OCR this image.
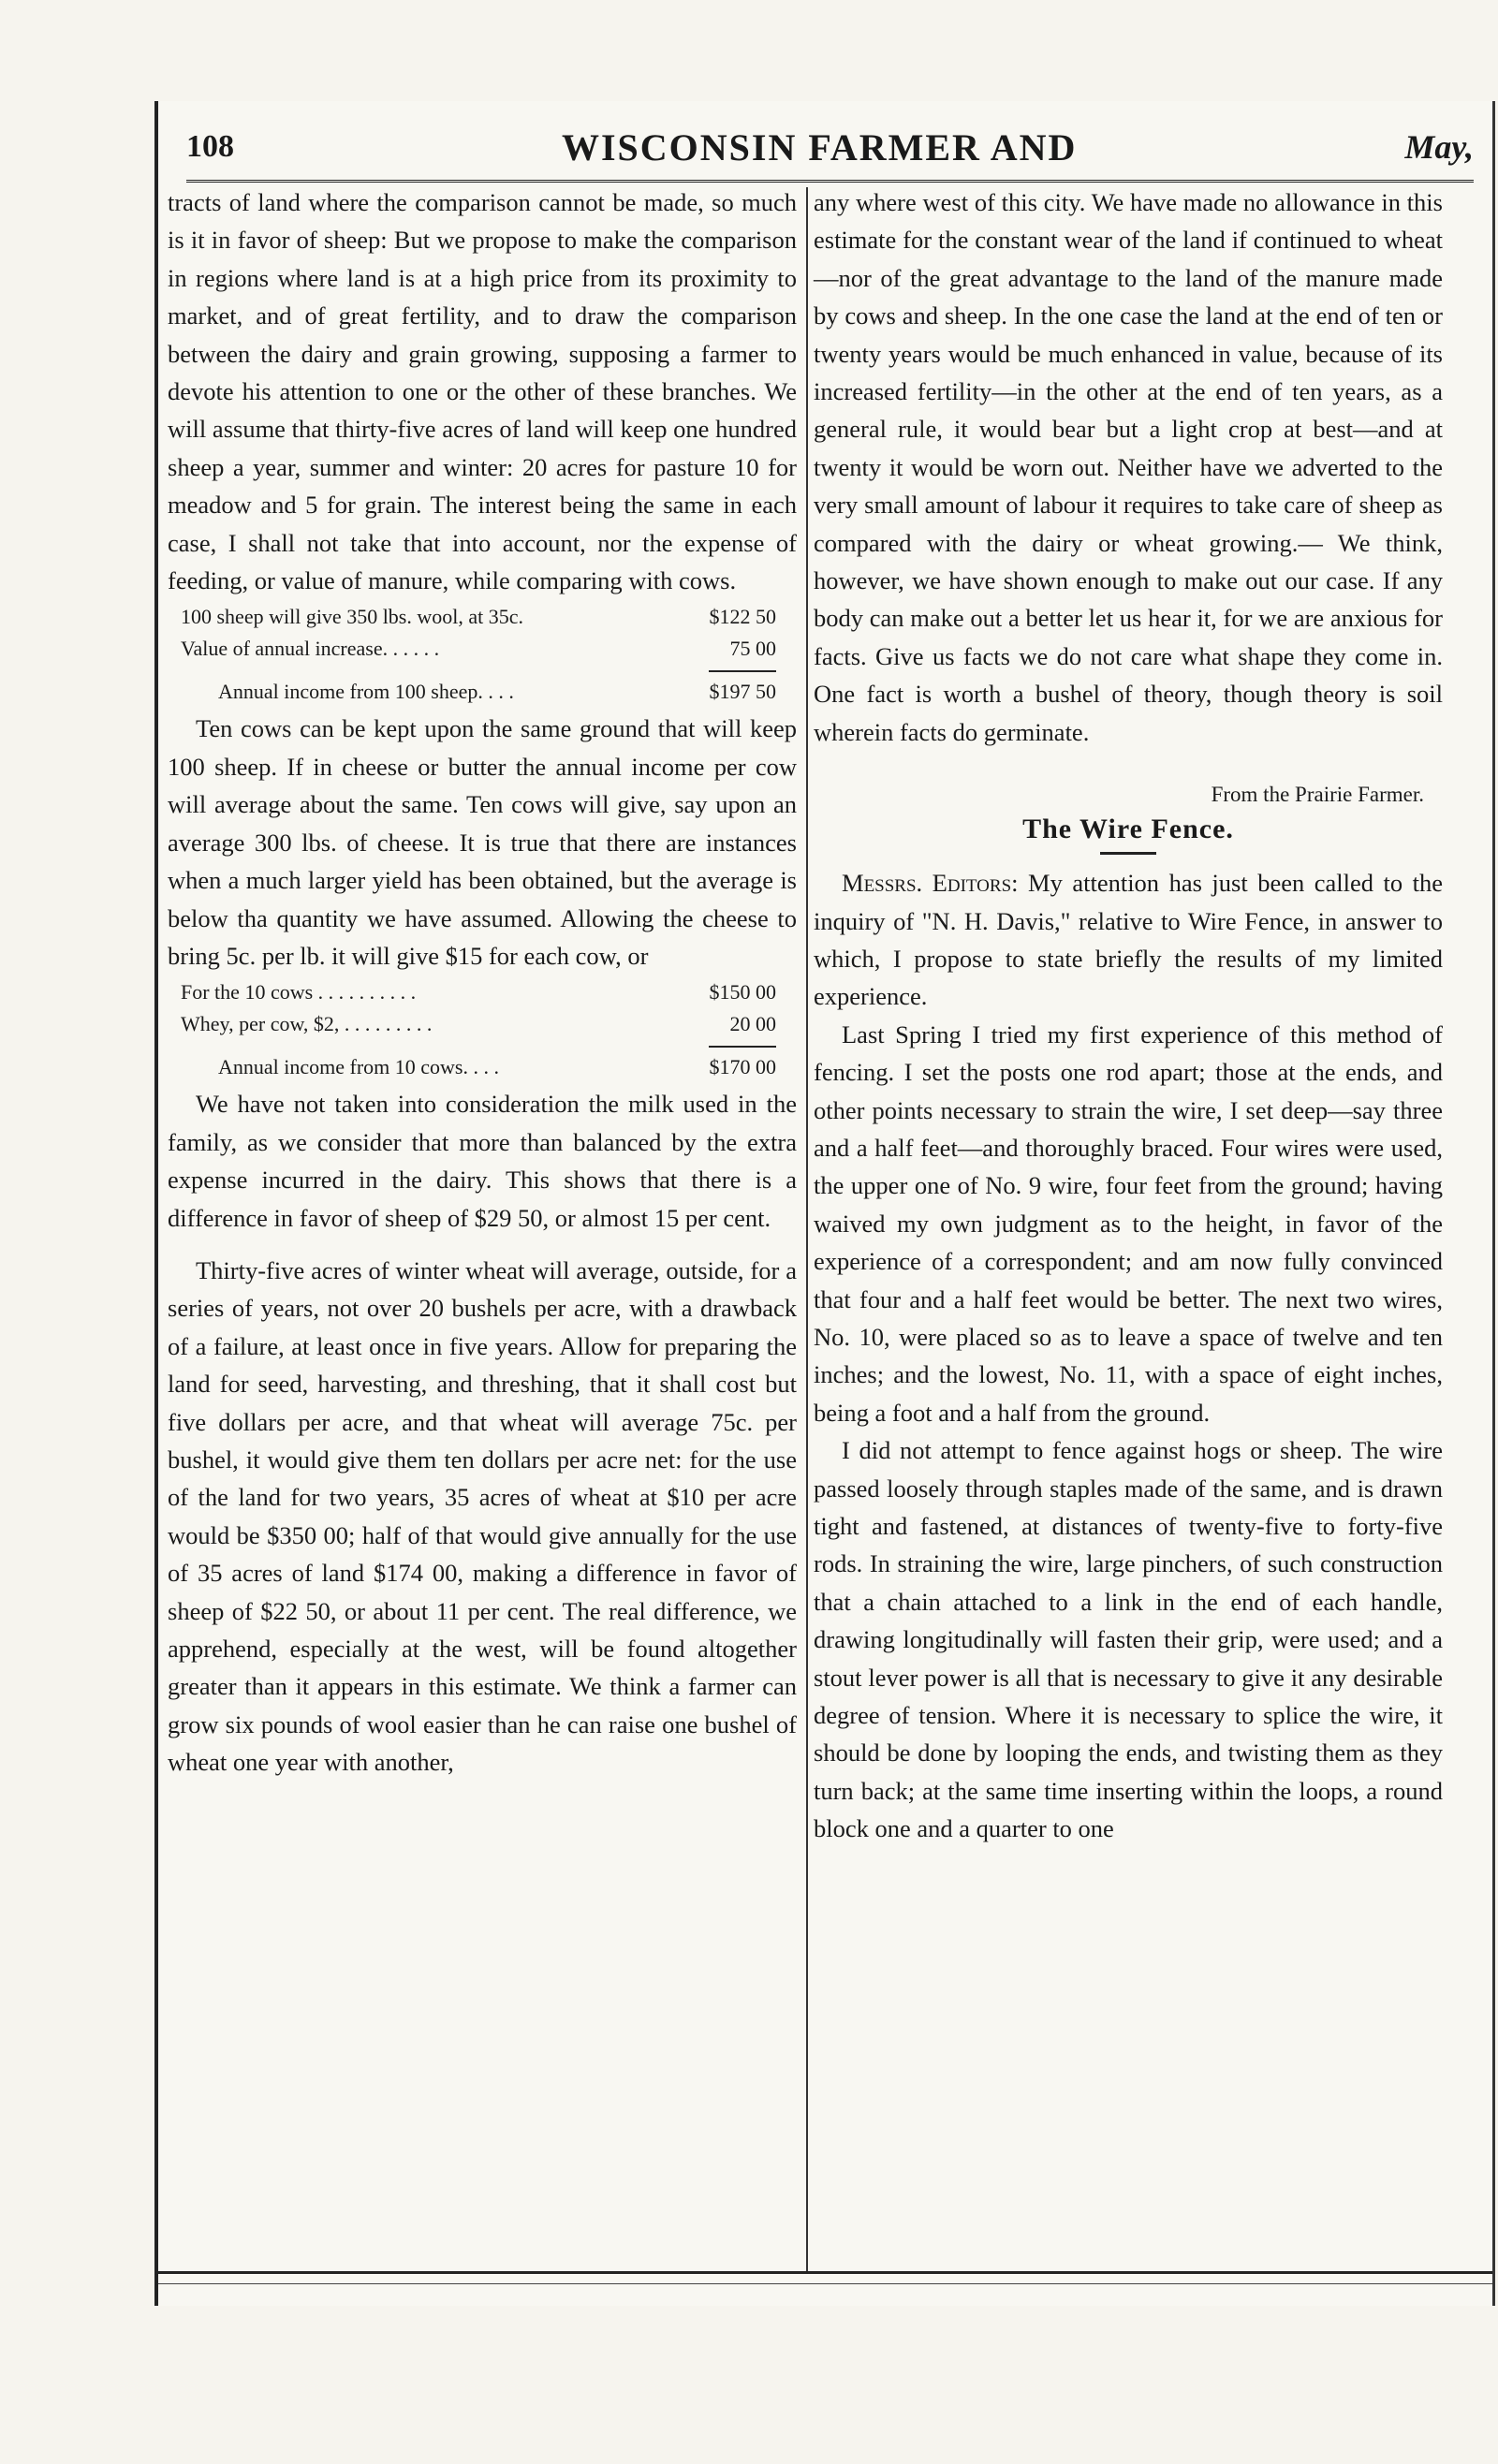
108	WISCONSIN FARMER AND	May,

tracts of land where the comparison cannot be made, so much is it in favor of sheep: But we propose to make the comparison in regions where land is at a high price from its proximity to market, and of great fertility, and to draw the comparison between the dairy and grain growing, supposing a farmer to devote his attention to one or the other of these branches. We will assume that thirty-five acres of land will keep one hundred sheep a year, summer and winter: 20 acres for pasture 10 for meadow and 5 for grain. The interest being the same in each case, I shall not take that into account, nor the expense of feeding, or value of manure, while comparing with cows.

100 sheep will give 350 lbs. wool, at 35c.	$122 50
Value of annual increase. . . . . .	75 00
Annual income from 100 sheep. . . .	$197 50

Ten cows can be kept upon the same ground that will keep 100 sheep. If in cheese or butter the annual income per cow will average about the same. Ten cows will give, say upon an average 300 lbs. of cheese. It is true that there are instances when a much larger yield has been obtained, but the average is below tha quantity we have assumed. Allowing the cheese to bring 5c. per lb. it will give $15 for each cow, or

For the 10 cows . . . . . . . . . .	$150 00
Whey, per cow, $2, . . . . . . . . .	20 00
Annual income from 10 cows. . . .	$170 00

We have not taken into consideration the milk used in the family, as we consider that more than balanced by the extra expense incurred in the dairy. This shows that there is a difference in favor of sheep of $29 50, or almost 15 per cent.

Thirty-five acres of winter wheat will average, outside, for a series of years, not over 20 bushels per acre, with a drawback of a failure, at least once in five years. Allow for preparing the land for seed, harvesting, and threshing, that it shall cost but five dollars per acre, and that wheat will average 75c. per bushel, it would give them ten dollars per acre net: for the use of the land for two years, 35 acres of wheat at $10 per acre would be $350 00; half of that would give annually for the use of 35 acres of land $174 00, making a difference in favor of sheep of $22 50, or about 11 per cent. The real difference, we apprehend, especially at the west, will be found altogether greater than it appears in this estimate. We think a farmer can grow six pounds of wool easier than he can raise one bushel of wheat one year with another,

any where west of this city. We have made no allowance in this estimate for the constant wear of the land if continued to wheat—nor of the great advantage to the land of the manure made by cows and sheep. In the one case the land at the end of ten or twenty years would be much enhanced in value, because of its increased fertility—in the other at the end of ten years, as a general rule, it would bear but a light crop at best—and at twenty it would be worn out. Neither have we adverted to the very small amount of labour it requires to take care of sheep as compared with the dairy or wheat growing.— We think, however, we have shown enough to make out our case. If any body can make out a better let us hear it, for we are anxious for facts. Give us facts we do not care what shape they come in. One fact is worth a bushel of theory, though theory is soil wherein facts do germinate.

From the Prairie Farmer.
The Wire Fence.

Messrs. Editors: My attention has just been called to the inquiry of "N. H. Davis," relative to Wire Fence, in answer to which, I propose to state briefly the results of my limited experience.

Last Spring I tried my first experience of this method of fencing. I set the posts one rod apart; those at the ends, and other points necessary to strain the wire, I set deep—say three and a half feet—and thoroughly braced. Four wires were used, the upper one of No. 9 wire, four feet from the ground; having waived my own judgment as to the height, in favor of the experience of a correspondent; and am now fully convinced that four and a half feet would be better. The next two wires, No. 10, were placed so as to leave a space of twelve and ten inches; and the lowest, No. 11, with a space of eight inches, being a foot and a half from the ground.

I did not attempt to fence against hogs or sheep. The wire passed loosely through staples made of the same, and is drawn tight and fastened, at distances of twenty-five to forty-five rods. In straining the wire, large pinchers, of such construction that a chain attached to a link in the end of each handle, drawing longitudinally will fasten their grip, were used; and a stout lever power is all that is necessary to give it any desirable degree of tension. Where it is necessary to splice the wire, it should be done by looping the ends, and twisting them as they turn back; at the same time inserting within the loops, a round block one and a quarter to one
